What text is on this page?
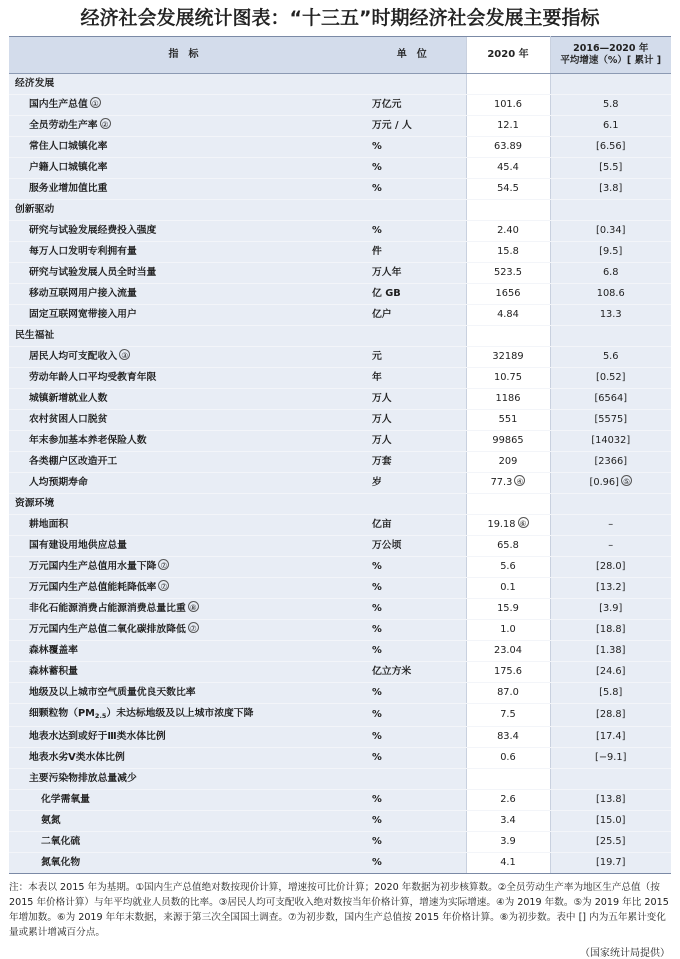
经济社会发展统计图表：“十三五”时期经济社会发展主要指标
指　标	单　位	2020 年	2016—2020 年
平均增速（%）[ 累计 ]

经济发展			
国内生产总值 ①	万亿元	101.6	5.8
全员劳动生产率 ②	万元 / 人	12.1	6.1
常住人口城镇化率	%	63.89	[6.56]
户籍人口城镇化率	%	45.4	[5.5]
服务业增加值比重	%	54.5	[3.8]
创新驱动			
研究与试验发展经费投入强度	%	2.40	[0.34]
每万人口发明专利拥有量	件	15.8	[9.5]
研究与试验发展人员全时当量	万人年	523.5	6.8
移动互联网用户接入流量	亿 GB	1656	108.6
固定互联网宽带接入用户	亿户	4.84	13.3
民生福祉			
居民人均可支配收入 ③	元	32189	5.6
劳动年龄人口平均受教育年限	年	10.75	[0.52]
城镇新增就业人数	万人	1186	[6564]
农村贫困人口脱贫	万人	551	[5575]
年末参加基本养老保险人数	万人	99865	[14032]
各类棚户区改造开工	万套	209	[2366]
人均预期寿命	岁	77.3 ④	[0.96] ⑤
资源环境			
耕地面积	亿亩	19.18 ⑥	–
国有建设用地供应总量	万公顷	65.8	–
万元国内生产总值用水量下降 ⑦	%	5.6	[28.0]
万元国内生产总值能耗降低率 ⑦	%	0.1	[13.2]
非化石能源消费占能源消费总量比重 ⑧	%	15.9	[3.9]
万元国内生产总值二氧化碳排放降低 ⑦	%	1.0	[18.8]
森林覆盖率	%	23.04	[1.38]
森林蓄积量	亿立方米	175.6	[24.6]
地级及以上城市空气质量优良天数比率	%	87.0	[5.8]
细颗粒物$(PM_{2.5})$未达标地级及以上城市浓度下降	%	7.5	[28.8]
地表水达到或好于Ⅲ类水体比例	%	83.4	[17.4]
地表水劣Ⅴ类水体比例	%	0.6	[−9.1]
主要污染物排放总量减少			
化学需氧量	%	2.6	[13.8]
氨氮	%	3.4	[15.0]
二氧化硫	%	3.9	[25.5]
氮氧化物	%	4.1	[19.7]
注：本表以 2015 年为基期。①国内生产总值绝对数按现价计算，增速按可比价计算；2020 年数据为初步核算数。②全员劳动生产率为地区生产总值（按 2015 年价格计算）与年平均就业人员数的比率。③居民人均可支配收入绝对数按当年价格计算，增速为实际增速。④为 2019 年数。⑤为 2019 年比 2015 年增加数。⑥为 2019 年年末数据，来源于第三次全国国土调查。⑦为初步数，国内生产总值按 2015 年价格计算。⑧为初步数。表中 [] 内为五年累计变化量或累计增减百分点。
（国家统计局提供）
